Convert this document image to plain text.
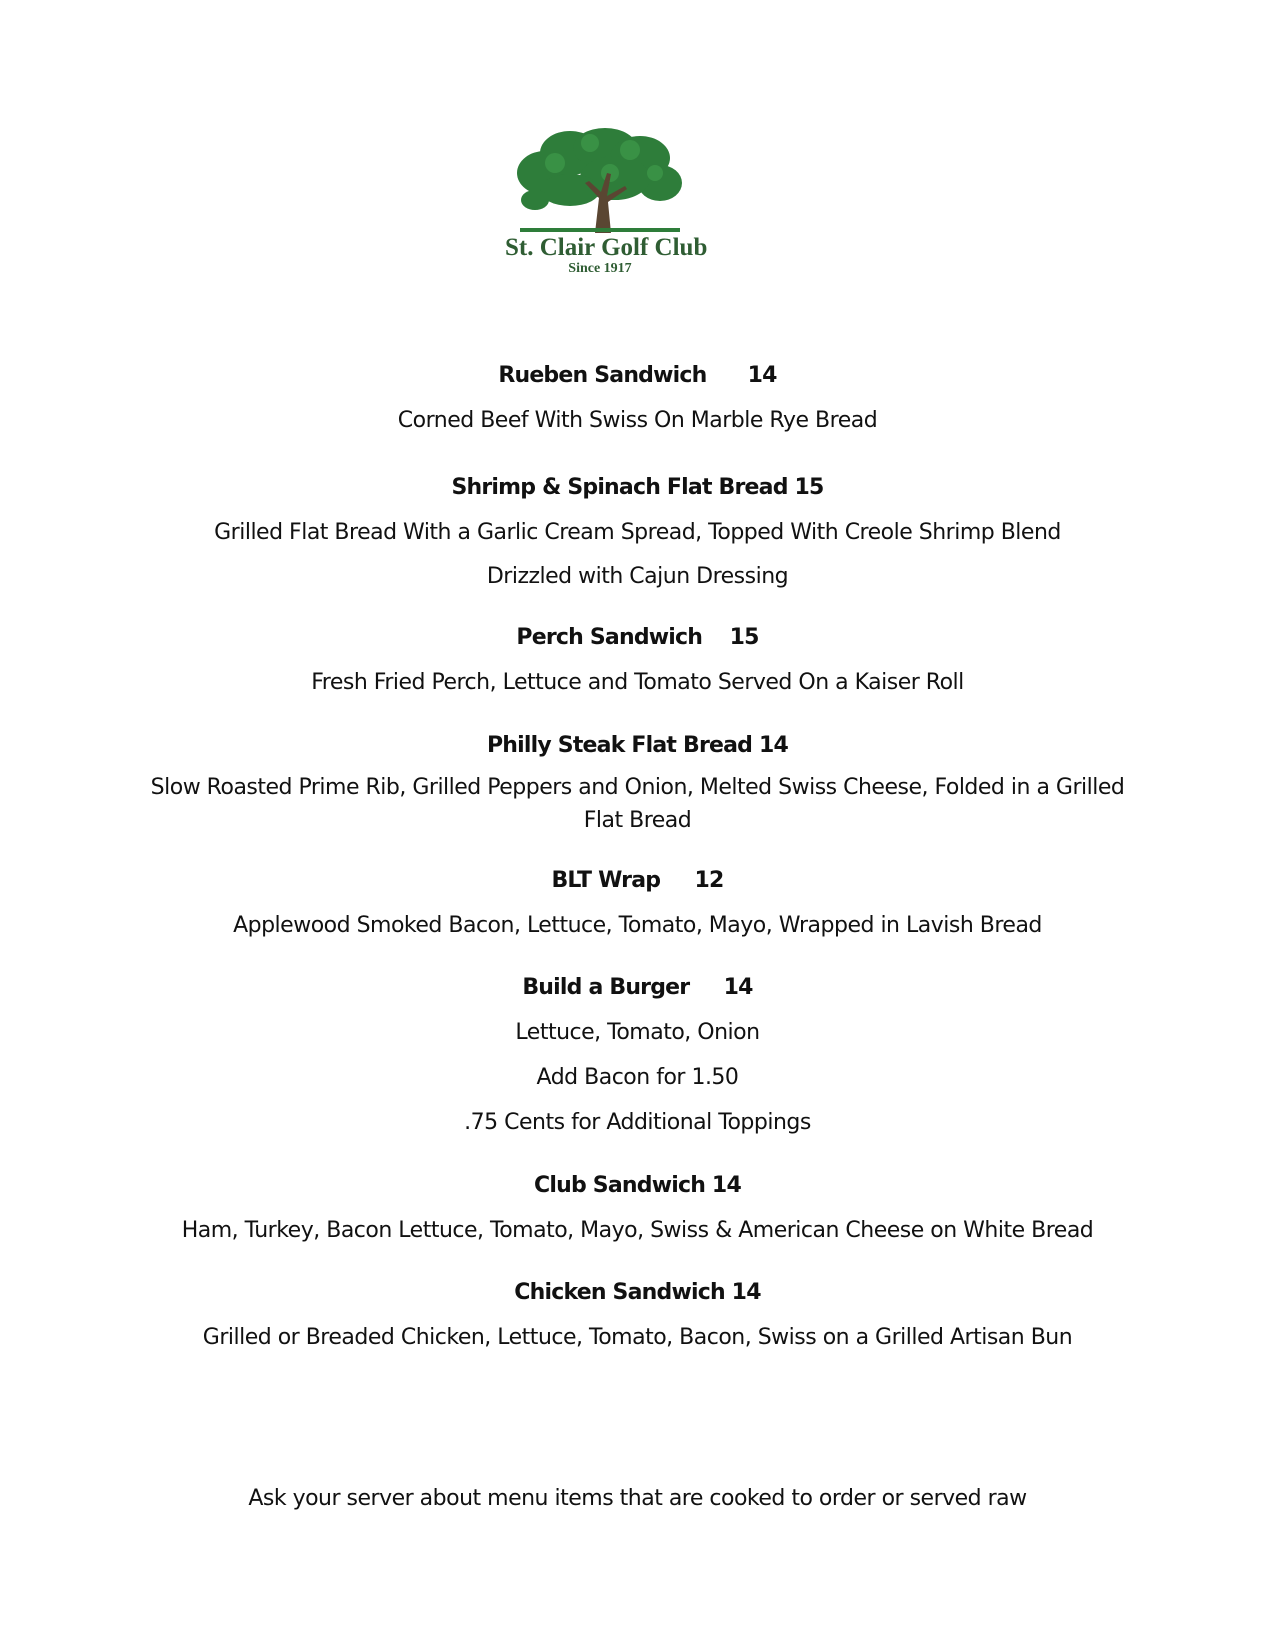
St. Clair Golf Club
Since 1917
Rueben Sandwich      14
Corned Beef With Swiss On Marble Rye Bread
Shrimp & Spinach Flat Bread 15
Grilled Flat Bread With a Garlic Cream Spread, Topped With Creole Shrimp Blend
Drizzled with Cajun Dressing
Perch Sandwich    15
Fresh Fried Perch, Lettuce and Tomato Served On a Kaiser Roll
Philly Steak Flat Bread 14
Slow Roasted Prime Rib, Grilled Peppers and Onion, Melted Swiss Cheese, Folded in a Grilled Flat Bread
BLT Wrap     12
Applewood Smoked Bacon, Lettuce, Tomato, Mayo, Wrapped in Lavish Bread
Build a Burger     14
Lettuce, Tomato, Onion
Add Bacon for 1.50
.75 Cents for Additional Toppings
Club Sandwich 14
Ham, Turkey, Bacon Lettuce, Tomato, Mayo, Swiss & American Cheese on White Bread
Chicken Sandwich 14
Grilled or Breaded Chicken, Lettuce, Tomato, Bacon, Swiss on a Grilled Artisan Bun
Ask your server about menu items that are cooked to order or served raw
